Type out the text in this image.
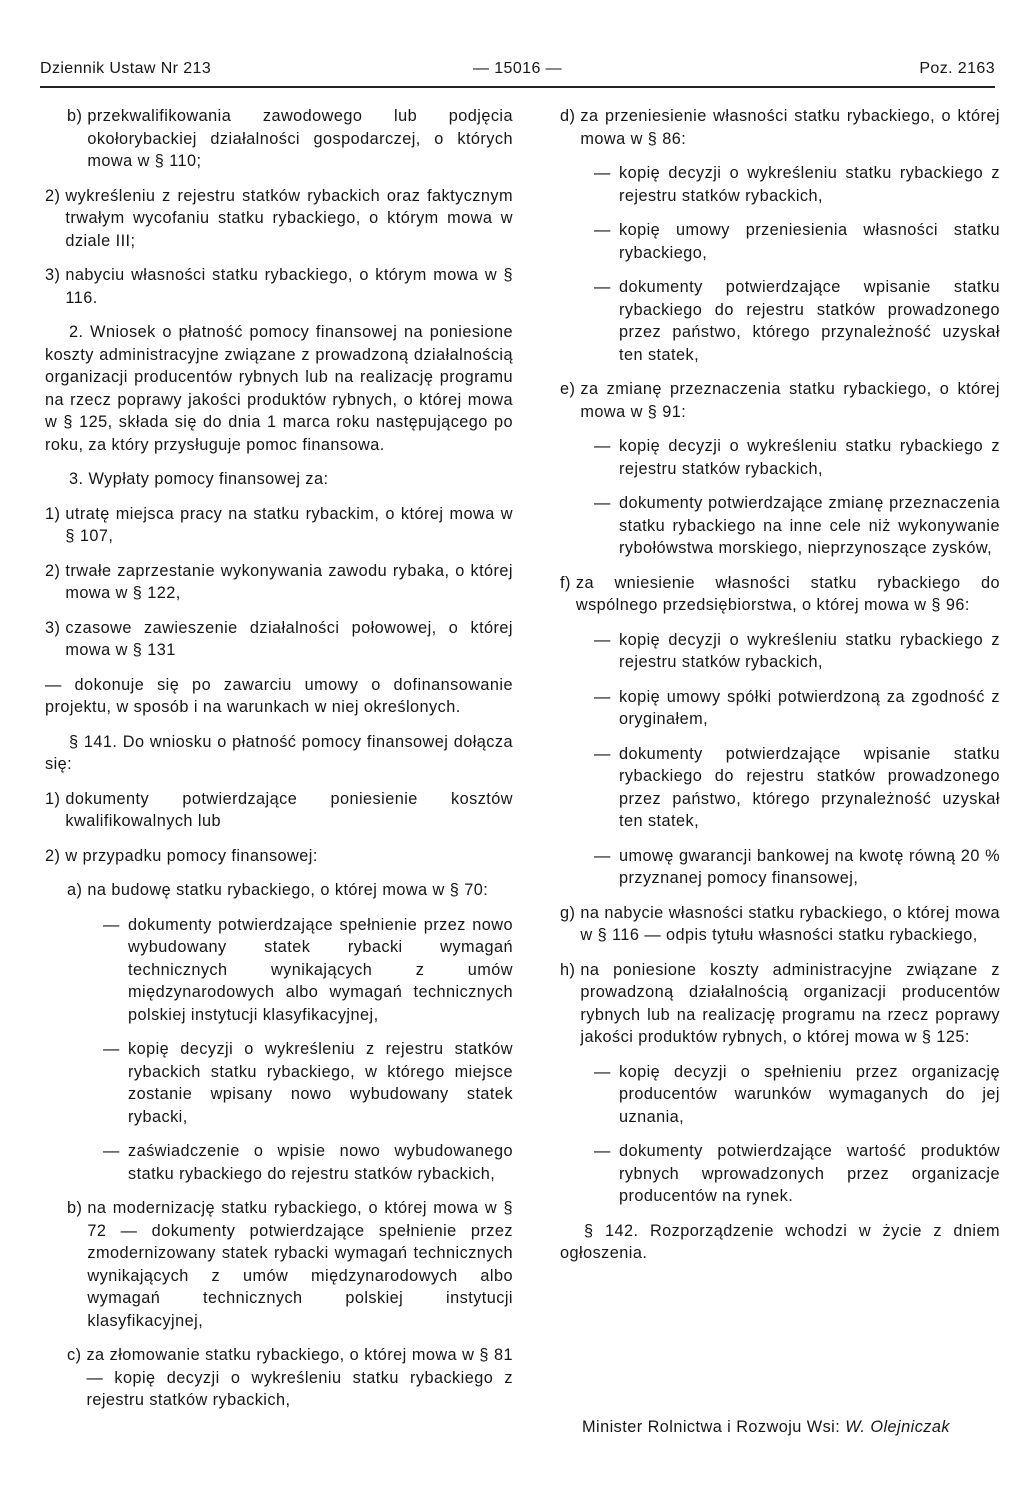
Dziennik Ustaw Nr 213	— 15016 —	Poz. 2163
b) przekwalifikowania zawodowego lub podjęcia okołorybackiej działalności gospodarczej, o których mowa w § 110;
2) wykreśleniu z rejestru statków rybackich oraz faktycznym trwałym wycofaniu statku rybackiego, o którym mowa w dziale III;
3) nabyciu własności statku rybackiego, o którym mowa w § 116.

2. Wniosek o płatność pomocy finansowej na poniesione koszty administracyjne związane z prowadzoną działalnością organizacji producentów rybnych lub na realizację programu na rzecz poprawy jakości produktów rybnych, o której mowa w § 125, składa się do dnia 1 marca roku następującego po roku, za który przysługuje pomoc finansowa.

3. Wypłaty pomocy finansowej za:

1) utratę miejsca pracy na statku rybackim, o której mowa w § 107,
2) trwałe zaprzestanie wykonywania zawodu rybaka, o której mowa w § 122,
3) czasowe zawieszenie działalności połowowej, o której mowa w § 131

— dokonuje się po zawarciu umowy o dofinansowanie projektu, w sposób i na warunkach w niej określonych.

§ 141. Do wniosku o płatność pomocy finansowej dołącza się:

1) dokumenty potwierdzające poniesienie kosztów kwalifikowalnych lub
2) w przypadku pomocy finansowej:
a) na budowę statku rybackiego, o której mowa w § 70:
— dokumenty potwierdzające spełnienie przez nowo wybudowany statek rybacki wymagań technicznych wynikających z umów międzynarodowych albo wymagań technicznych polskiej instytucji klasyfikacyjnej,
— kopię decyzji o wykreśleniu z rejestru statków rybackich statku rybackiego, w którego miejsce zostanie wpisany nowo wybudowany statek rybacki,
— zaświadczenie o wpisie nowo wybudowanego statku rybackiego do rejestru statków rybackich,
b) na modernizację statku rybackiego, o której mowa w § 72 — dokumenty potwierdzające spełnienie przez zmodernizowany statek rybacki wymagań technicznych wynikających z umów międzynarodowych albo wymagań technicznych polskiej instytucji klasyfikacyjnej,
c) za złomowanie statku rybackiego, o której mowa w § 81 — kopię decyzji o wykreśleniu statku rybackiego z rejestru statków rybackich,
d) za przeniesienie własności statku rybackiego, o której mowa w § 86:
— kopię decyzji o wykreśleniu statku rybackiego z rejestru statków rybackich,
— kopię umowy przeniesienia własności statku rybackiego,
— dokumenty potwierdzające wpisanie statku rybackiego do rejestru statków prowadzonego przez państwo, którego przynależność uzyskał ten statek,
e) za zmianę przeznaczenia statku rybackiego, o której mowa w § 91:
— kopię decyzji o wykreśleniu statku rybackiego z rejestru statków rybackich,
— dokumenty potwierdzające zmianę przeznaczenia statku rybackiego na inne cele niż wykonywanie rybołówstwa morskiego, nieprzynoszące zysków,
f) za wniesienie własności statku rybackiego do wspólnego przedsiębiorstwa, o której mowa w § 96:
— kopię decyzji o wykreśleniu statku rybackiego z rejestru statków rybackich,
— kopię umowy spółki potwierdzoną za zgodność z oryginałem,
— dokumenty potwierdzające wpisanie statku rybackiego do rejestru statków prowadzonego przez państwo, którego przynależność uzyskał ten statek,
— umowę gwarancji bankowej na kwotę równą 20 % przyznanej pomocy finansowej,
g) na nabycie własności statku rybackiego, o której mowa w § 116 — odpis tytułu własności statku rybackiego,
h) na poniesione koszty administracyjne związane z prowadzoną działalnością organizacji producentów rybnych lub na realizację programu na rzecz poprawy jakości produktów rybnych, o której mowa w § 125:
— kopię decyzji o spełnieniu przez organizację producentów warunków wymaganych do jej uznania,
— dokumenty potwierdzające wartość produktów rybnych wprowadzonych przez organizacje producentów na rynek.

§ 142. Rozporządzenie wchodzi w życie z dniem ogłoszenia.

Minister Rolnictwa i Rozwoju Wsi: W. Olejniczak
